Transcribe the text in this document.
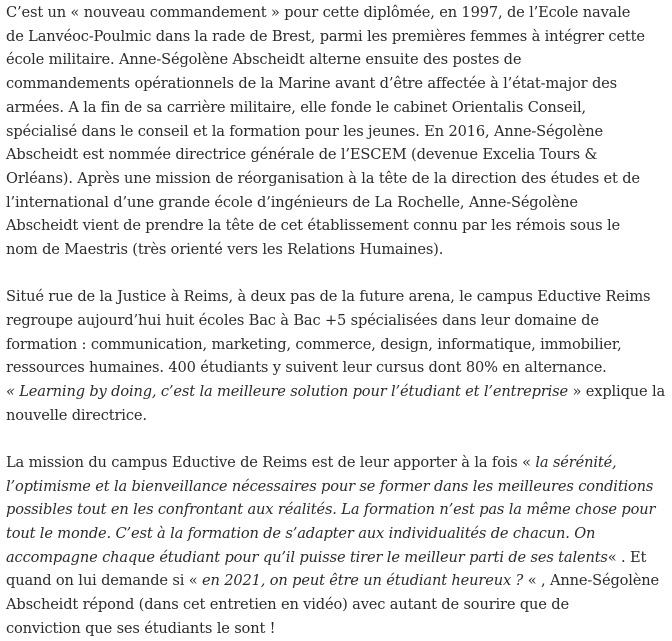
C’est un « nouveau commandement » pour cette diplômée, en 1997, de l’Ecole navale
de Lanvéoc-Poulmic dans la rade de Brest, parmi les premières femmes à intégrer cette
école militaire. Anne-Ségolène Abscheidt alterne ensuite des postes de
commandements opérationnels de la Marine avant d’être affectée à l’état-major des
armées. A la fin de sa carrière militaire, elle fonde le cabinet Orientalis Conseil,
spécialisé dans le conseil et la formation pour les jeunes. En 2016, Anne-Ségolène
Abscheidt est nommée directrice générale de l’ESCEM (devenue Excelia Tours &
Orléans). Après une mission de réorganisation à la tête de la direction des études et de
l’international d’une grande école d’ingénieurs de La Rochelle, Anne-Ségolène
Abscheidt vient de prendre la tête de cet établissement connu par les rémois sous le
nom de Maestris (très orienté vers les Relations Humaines).

Situé rue de la Justice à Reims, à deux pas de la future arena, le campus Eductive Reims
regroupe aujourd’hui huit écoles Bac à Bac +5 spécialisées dans leur domaine de
formation : communication, marketing, commerce, design, informatique, immobilier,
ressources humaines. 400 étudiants y suivent leur cursus dont 80% en alternance.
« Learning by doing, c’est la meilleure solution pour l’étudiant et l’entreprise » explique la
nouvelle directrice.

La mission du campus Eductive de Reims est de leur apporter à la fois « la sérénité,
l’optimisme et la bienveillance nécessaires pour se former dans les meilleures conditions
possibles tout en les confrontant aux réalités. La formation n’est pas la même chose pour
tout le monde. C’est à la formation de s’adapter aux individualités de chacun. On
accompagne chaque étudiant pour qu’il puisse tirer le meilleur parti de ses talents« . Et
quand on lui demande si « en 2021, on peut être un étudiant heureux ? « , Anne-Ségolène
Abscheidt répond (dans cet entretien en vidéo) avec autant de sourire que de
conviction que ses étudiants le sont !
